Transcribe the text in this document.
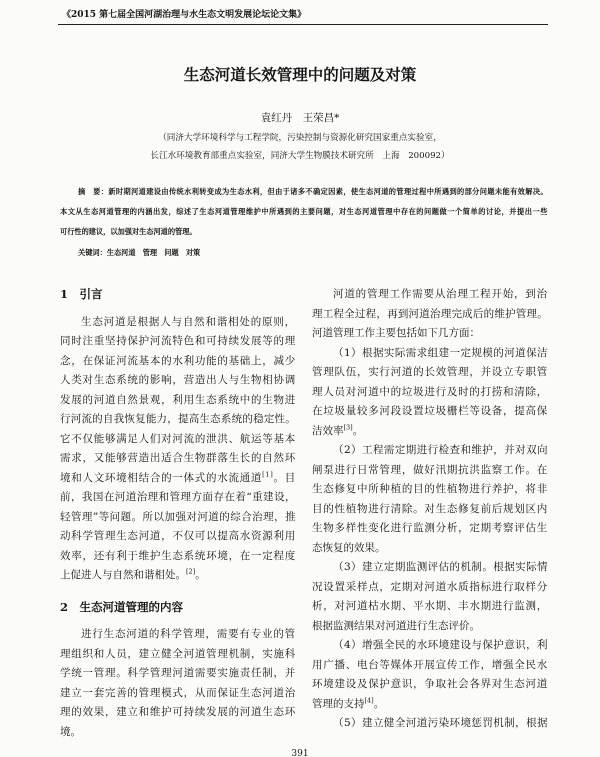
《2015 第七届全国河湖治理与水生态文明发展论坛论文集》
生态河道长效管理中的问题及对策
袁红丹　王荣昌*
（同济大学环境科学与工程学院，污染控制与资源化研究国家重点实验室，
长江水环境教育部重点实验室，同济大学生物膜技术研究所　上海　200092）
摘　要：新时期河道建设由传统水利转变成为生态水利，但由于诸多不确定因素，使生态河道的管理过程中所遇到的部分问题未能有效解决。
本文从生态河道管理的内涵出发，综述了生态河道管理维护中所遇到的主要问题，对生态河道管理中存在的问题做一个简单的讨论，并提出一些
可行性的建议，以加强对生态河道的管理。
关键词：生态河道　管理　问题　对策
1　引言
生态河道是根据人与自然和谐相处的原则，
同时注重坚持保护河流特色和可持续发展等的理
念，在保证河流基本的水利功能的基础上，减少
人类对生态系统的影响，营造出人与生物相协调
发展的河道自然景观，利用生态系统中的生物进
行河流的自我恢复能力，提高生态系统的稳定性。
它不仅能够满足人们对河流的泄洪、航运等基本
需求，又能够营造出适合生物群落生长的自然环
境和人文环境相结合的一体式的水流通道[1]。目
前，我国在河道治理和管理方面存在着“重建设，
轻管理”等问题。所以加强对河道的综合治理，推
动科学管理生态河道，不仅可以提高水资源利用
效率，还有利于维护生态系统环境，在一定程度
上促进人与自然和谐相处。[2]。
2　生态河道管理的内容
进行生态河道的科学管理，需要有专业的管
理组织和人员，建立健全河道管理机制，实施科
学统一管理。科学管理河道需要实施责任制，并
建立一套完善的管理模式，从而保证生态河道治
理的效果，建立和维护可持续发展的河道生态环
境。
河道的管理工作需要从治理工程开始，到治
理工程全过程，再到河道治理完成后的维护管理。
河道管理工作主要包括如下几方面：
（1）根据实际需求组建一定规模的河道保洁
管理队伍，实行河道的长效管理，并设立专职管
理人员对河道中的垃圾进行及时的打捞和清除，
在垃圾量较多河段设置垃圾栅栏等设备，提高保
洁效率[3]。
（2）工程需定期进行检查和维护，并对双向
闸泵进行日常管理，做好汛期抗洪监察工作。在
生态修复中所种植的目的性植物进行养护，将非
目的性植物进行清除。对生态修复前后规划区内
生物多样性变化进行监测分析，定期考察评估生
态恢复的效果。
（3）建立定期监测评估的机制。根据实际情
况设置采样点，定期对河道水质指标进行取样分
析，对河道枯水期、平水期、丰水期进行监测，
根据监测结果对河道进行生态评价。
（4）增强全民的水环境建设与保护意识，利
用广播、电台等媒体开展宣传工作，增强全民水
环境建设及保护意识，争取社会各界对生态河道
管理的支持[4]。
（5）建立健全河道污染环境惩罚机制，根据
391
